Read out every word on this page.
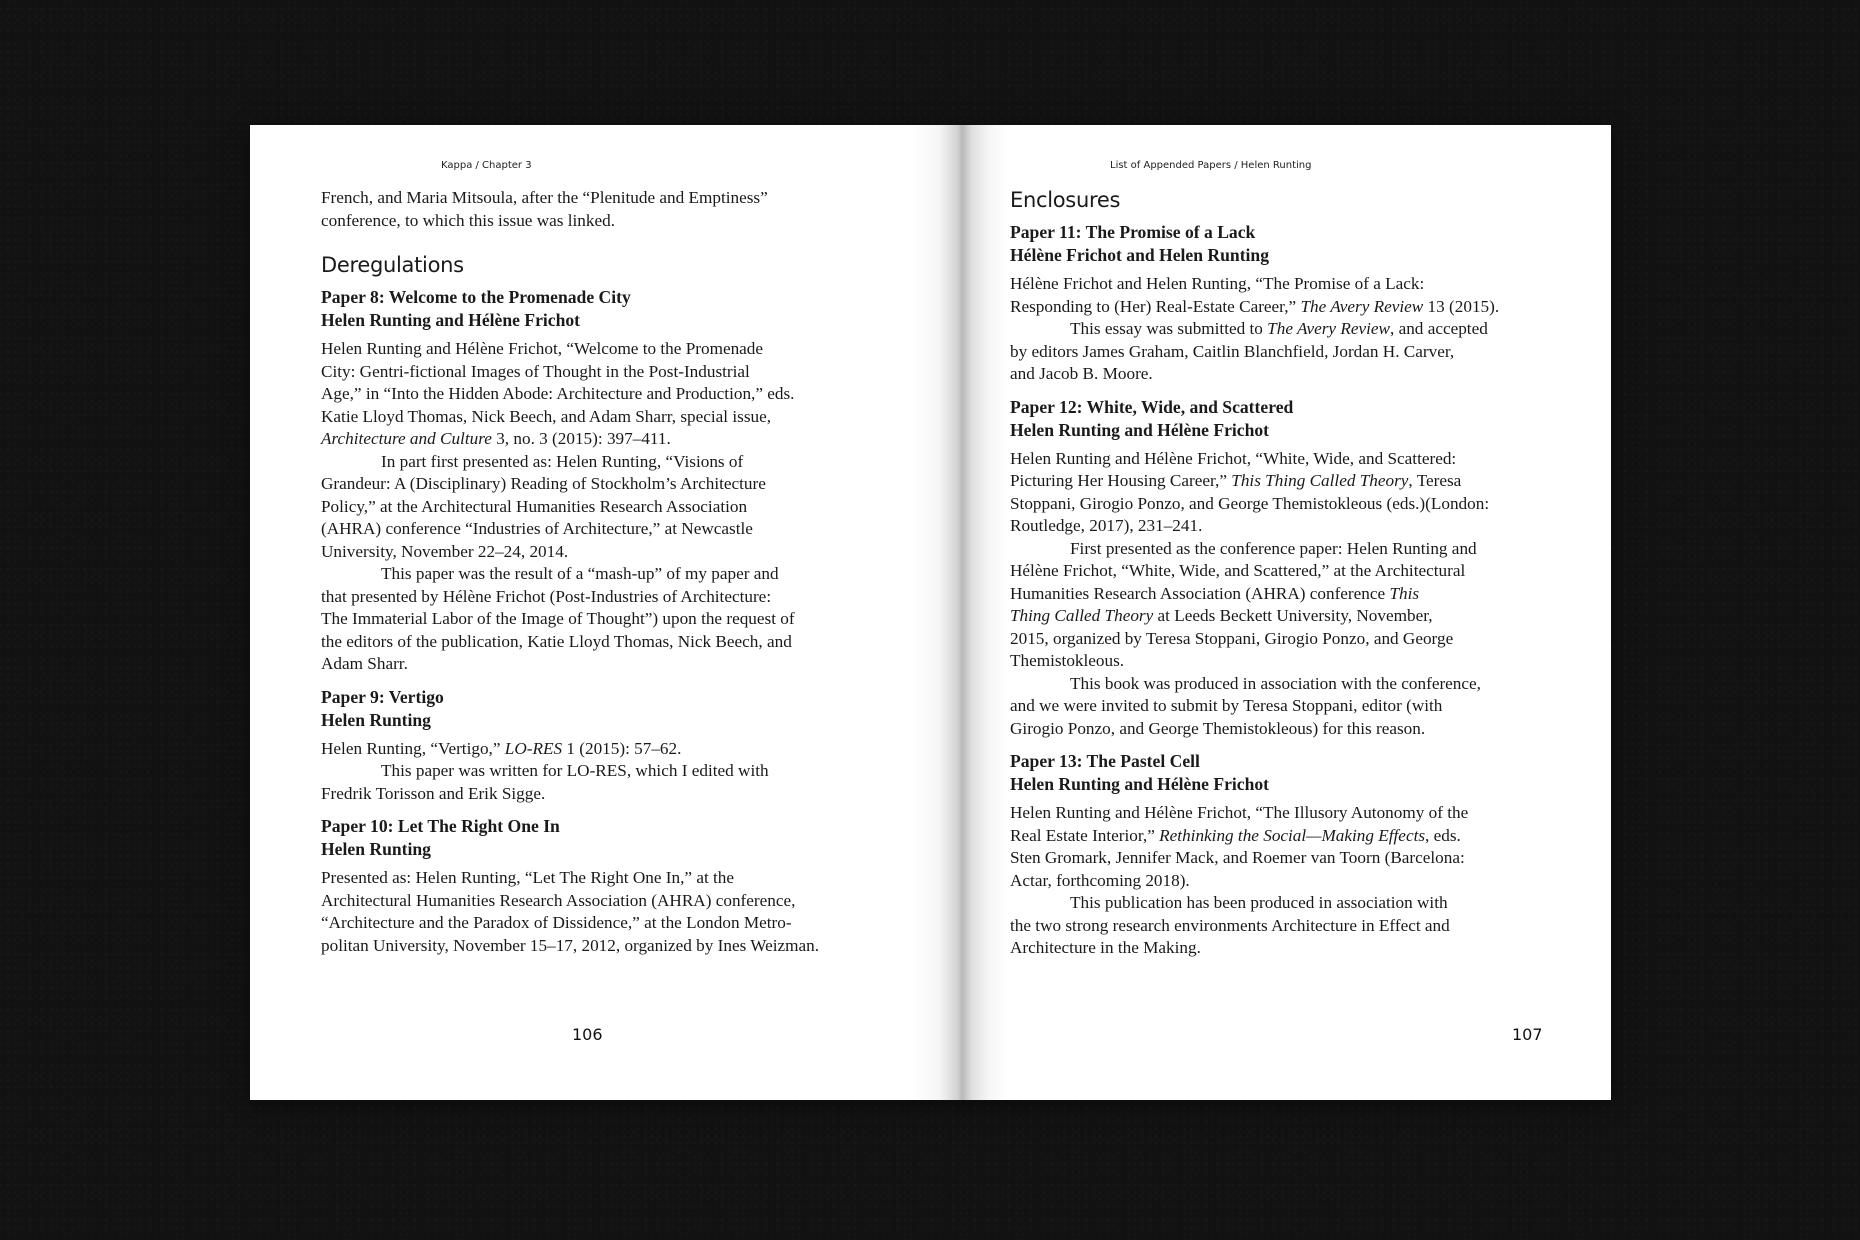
Kappa / Chapter 3

French, and Maria Mitsoula, after the “Plenitude and Emptiness”

conference, to which this issue was linked.

Deregulations
Paper 8: Welcome to the Promenade City
Helen Runting and Hélène Frichot

Helen Runting and Hélène Frichot, “Welcome to the Promenade

City: Gentri-fictional Images of Thought in the Post-Industrial

Age,” in “Into the Hidden Abode: Architecture and Production,” eds.

Katie Lloyd Thomas, Nick Beech, and Adam Sharr, special issue,

Architecture and Culture 3, no. 3 (2015): 397–411.

In part first presented as: Helen Runting, “Visions of

Grandeur: A (Disciplinary) Reading of Stockholm’s Architecture

Policy,” at the Architectural Humanities Research Association

(AHRA) conference “Industries of Architecture,” at Newcastle

University, November 22–24, 2014.

This paper was the result of a “mash-up” of my paper and

that presented by Hélène Frichot (Post-Industries of Architecture:

The Immaterial Labor of the Image of Thought”) upon the request of

the editors of the publication, Katie Lloyd Thomas, Nick Beech, and

Adam Sharr.

Paper 9: Vertigo
Helen Runting

Helen Runting, “Vertigo,” LO-RES 1 (2015): 57–62.

This paper was written for LO-RES, which I edited with

Fredrik Torisson and Erik Sigge.

Paper 10: Let The Right One In
Helen Runting

Presented as: Helen Runting, “Let The Right One In,” at the

Architectural Humanities Research Association (AHRA) conference,

“Architecture and the Paradox of Dissidence,” at the London Metro-

politan University, November 15–17, 2012, organized by Ines Weizman.

106
List of Appended Papers / Helen Runting
Enclosures
Paper 11: The Promise of a Lack
Hélène Frichot and Helen Runting

Hélène Frichot and Helen Runting, “The Promise of a Lack:

Responding to (Her) Real-Estate Career,” The Avery Review 13 (2015).

This essay was submitted to The Avery Review, and accepted

by editors James Graham, Caitlin Blanchfield, Jordan H. Carver,

and Jacob B. Moore.

Paper 12: White, Wide, and Scattered
Helen Runting and Hélène Frichot

Helen Runting and Hélène Frichot, “White, Wide, and Scattered:

Picturing Her Housing Career,” This Thing Called Theory, Teresa

Stoppani, Girogio Ponzo, and George Themistokleous (eds.)(London:

Routledge, 2017), 231–241.

First presented as the conference paper: Helen Runting and

Hélène Frichot, “White, Wide, and Scattered,” at the Architectural

Humanities Research Association (AHRA) conference This

Thing Called Theory at Leeds Beckett University, November,

2015, organized by Teresa Stoppani, Girogio Ponzo, and George

Themistokleous.

This book was produced in association with the conference,

and we were invited to submit by Teresa Stoppani, editor (with

Girogio Ponzo, and George Themistokleous) for this reason.

Paper 13: The Pastel Cell
Helen Runting and Hélène Frichot

Helen Runting and Hélène Frichot, “The Illusory Autonomy of the

Real Estate Interior,” Rethinking the Social—Making Effects, eds.

Sten Gromark, Jennifer Mack, and Roemer van Toorn (Barcelona:

Actar, forthcoming 2018).

This publication has been produced in association with

the two strong research environments Architecture in Effect and

Architecture in the Making.

107
